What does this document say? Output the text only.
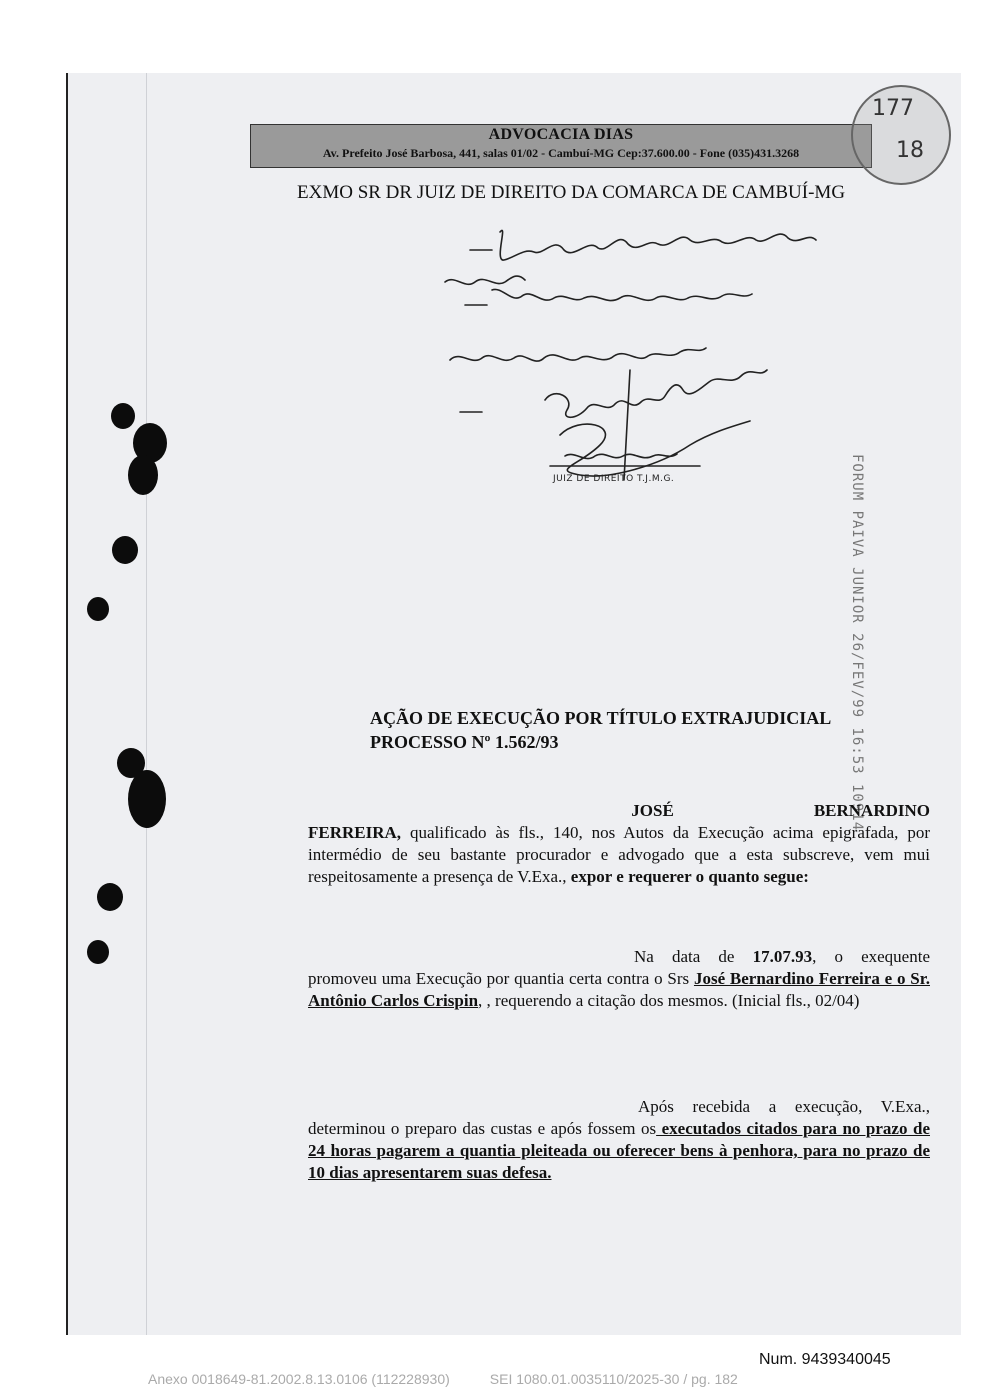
ADVOCACIA DIAS
Av. Prefeito José Barbosa, 441, salas 01/02 - Cambuí-MG Cep:37.600.00 - Fone (035)431.3268
177
18
EXMO SR DR JUIZ DE DIREITO DA COMARCA DE CAMBUÍ-MG
JUIZ DE DIREITO T.J.M.G.	FORUM PAIVA JUNIOR 26/FEV/99 16:53 10914
AÇÃO DE EXECUÇÃO POR TÍTULO EXTRAJUDICIAL
PROCESSO Nº 1.562/93
JOSÉ	BERNARDINO
FERREIRA, qualificado às fls., 140, nos Autos da Execução acima epigrafada, por intermédio de seu bastante procurador e advogado que a esta subscreve, vem mui respeitosamente a presença de V.Exa., expor e requerer o quanto segue:
Na data de 17.07.93, o exequente promoveu uma Execução por quantia certa contra o Srs José Bernardino Ferreira e o Sr. Antônio Carlos Crispin, , requerendo a citação dos mesmos. (Inicial fls., 02/04)
Após recebida a execução, V.Exa., determinou o preparo das custas e após fossem os executados citados para no prazo de 24 horas pagarem a quantia pleiteada ou oferecer bens à penhora, para no prazo de 10 dias apresentarem suas defesa.
Num. 9439340045
Anexo 0018649-81.2002.8.13.0106 (112228930)	SEI 1080.01.0035110/2025-30 / pg. 182
